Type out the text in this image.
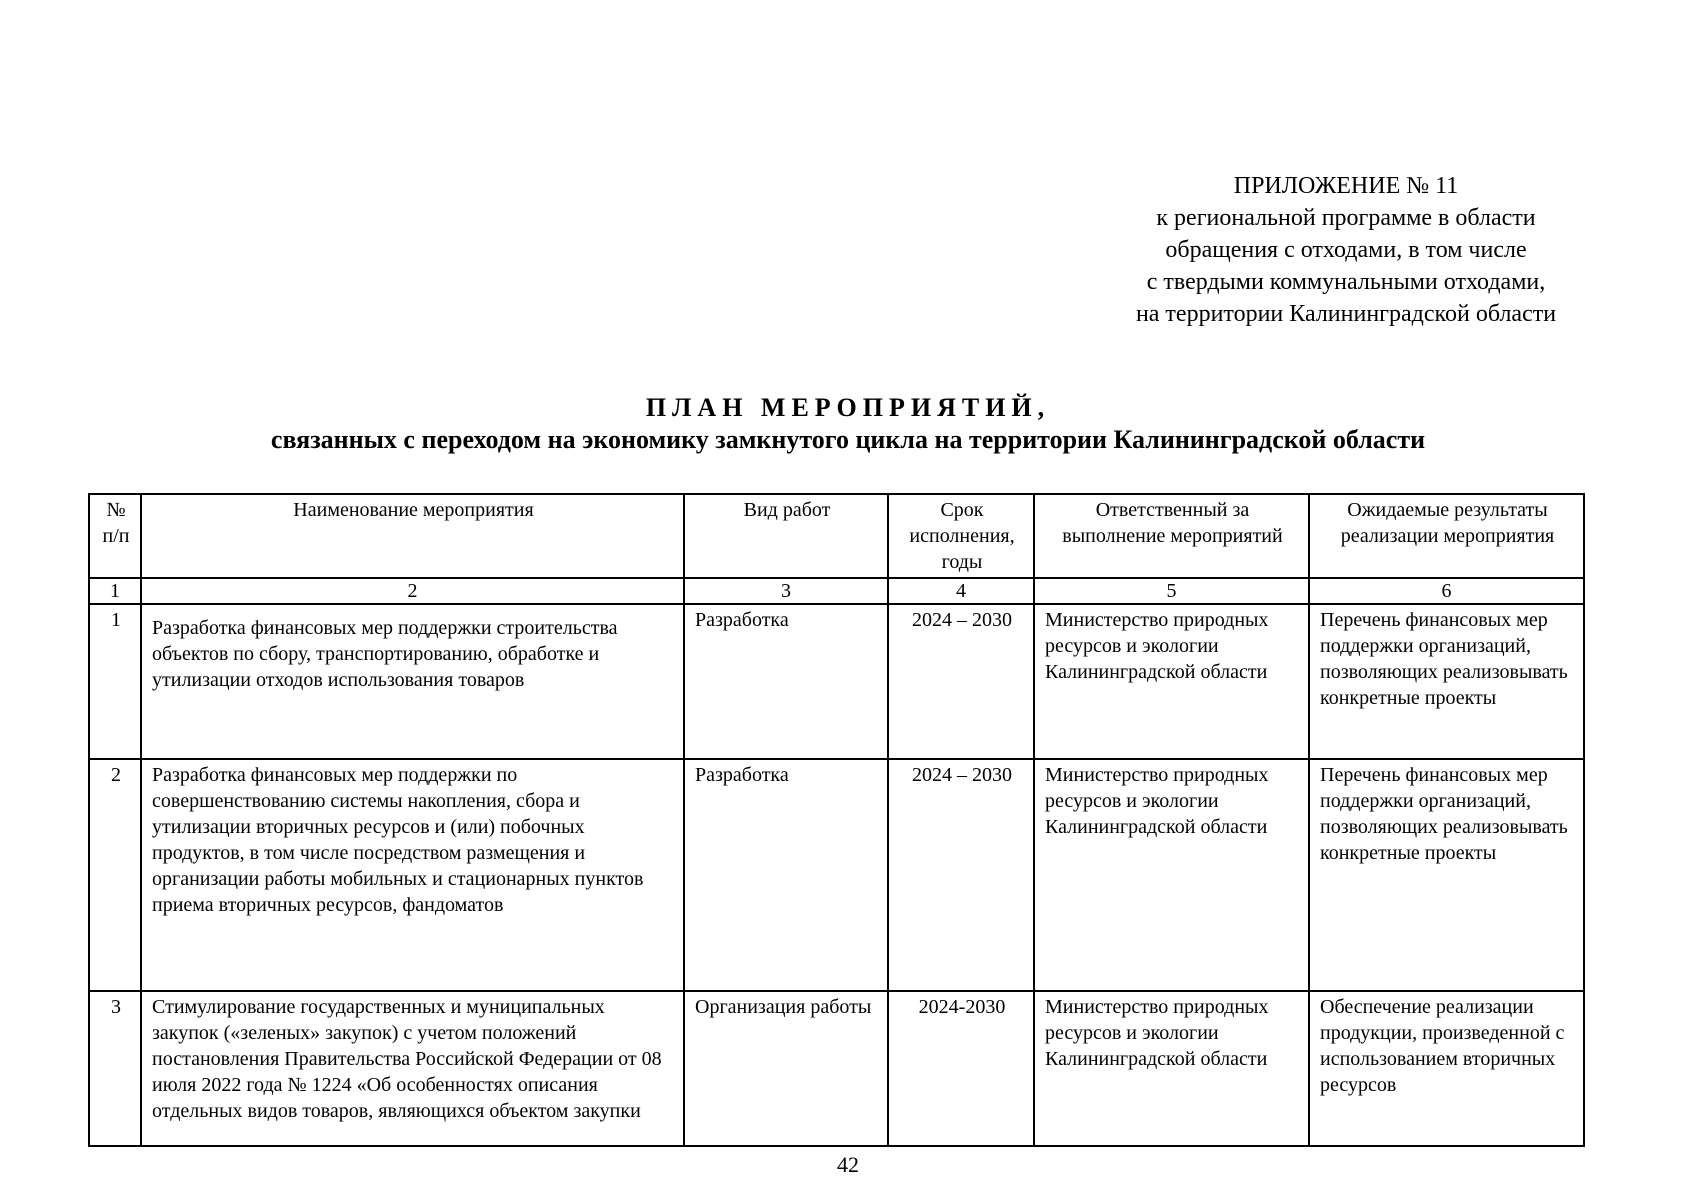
ПРИЛОЖЕНИЕ № 11
к региональной программе в области
обращения с отходами, в том числе
с твердыми коммунальными отходами,
на территории Калининградской области
ПЛАН МЕРОПРИЯТИЙ,
связанных с переходом на экономику замкнутого цикла на территории Калининградской области
№ п/п	Наименование мероприятия	Вид работ	Срок исполнения, годы	Ответственный за выполнение мероприятий	Ожидаемые результаты реализации мероприятия
1	2	3	4	5	6
1	Разработка финансовых мер поддержки строительства объектов по сбору, транспортированию, обработке и утилизации отходов использования товаров	Разработка	2024 – 2030	Министерство природных ресурсов и экологии Калининградской области	Перечень финансовых мер поддержки организаций, позволяющих реализовывать конкретные проекты
2	Разработка финансовых мер поддержки по совершенствованию системы накопления, сбора и утилизации вторичных ресурсов и (или) побочных продуктов, в том числе посредством размещения и организации работы мобильных и стационарных пунктов приема вторичных ресурсов, фандоматов	Разработка	2024 – 2030	Министерство природных ресурсов и экологии Калининградской области	Перечень финансовых мер поддержки организаций, позволяющих реализовывать конкретные проекты
3	Стимулирование государственных и муниципальных закупок («зеленых» закупок) с учетом положений постановления Правительства Российской Федерации от 08 июля 2022 года № 1224 «Об особенностях описания отдельных видов товаров, являющихся объектом закупки	Организация работы	2024-2030	Министерство природных ресурсов и экологии Калининградской области	Обеспечение реализации продукции, произведенной с использованием вторичных ресурсов
42
